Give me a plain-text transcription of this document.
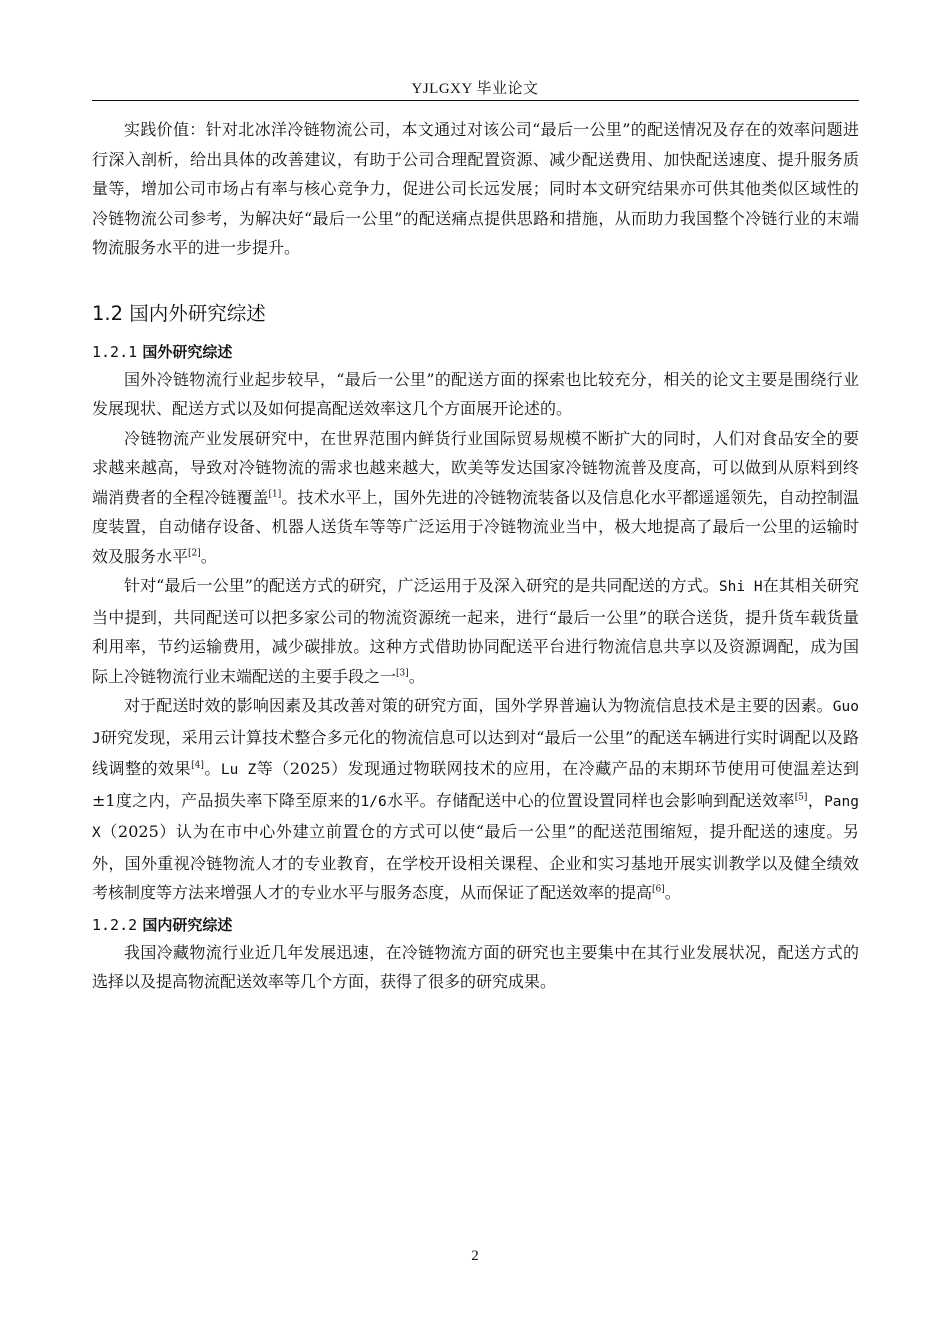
YJLGXY 毕业论文

实践价值：针对北冰洋冷链物流公司，本文通过对该公司“最后一公里”的配送情况及存在的效率问题进行深入剖析，给出具体的改善建议，有助于公司合理配置资源、减少配送费用、加快配送速度、提升服务质量等，增加公司市场占有率与核心竞争力，促进公司长远发展；同时本文研究结果亦可供其他类似区域性的冷链物流公司参考，为解决好“最后一公里”的配送痛点提供思路和措施，从而助力我国整个冷链行业的末端物流服务水平的进一步提升。

1.2 国内外研究综述
1.2.1 国外研究综述

国外冷链物流行业起步较早，“最后一公里”的配送方面的探索也比较充分，相关的论文主要是围绕行业发展现状、配送方式以及如何提高配送效率这几个方面展开论述的。

冷链物流产业发展研究中，在世界范围内鲜货行业国际贸易规模不断扩大的同时，人们对食品安全的要求越来越高，导致对冷链物流的需求也越来越大，欧美等发达国家冷链物流普及度高，可以做到从原料到终端消费者的全程冷链覆盖[1]。技术水平上，国外先进的冷链物流装备以及信息化水平都遥遥领先，自动控制温度装置，自动储存设备、机器人送货车等等广泛运用于冷链物流业当中，极大地提高了最后一公里的运输时效及服务水平[2]。

针对“最后一公里”的配送方式的研究，广泛运用于及深入研究的是共同配送的方式。Shi H在其相关研究当中提到，共同配送可以把多家公司的物流资源统一起来，进行“最后一公里”的联合送货，提升货车载货量利用率，节约运输费用，减少碳排放。这种方式借助协同配送平台进行物流信息共享以及资源调配，成为国际上冷链物流行业末端配送的主要手段之一[3]。

对于配送时效的影响因素及其改善对策的研究方面，国外学界普遍认为物流信息技术是主要的因素。Guo J研究发现，采用云计算技术整合多元化的物流信息可以达到对“最后一公里”的配送车辆进行实时调配以及路线调整的效果[4]。Lu Z等（2025）发现通过物联网技术的应用，在冷藏产品的末期环节使用可使温差达到±1度之内，产品损失率下降至原来的1/6水平。存储配送中心的位置设置同样也会影响到配送效率[5]，Pang X（2025）认为在市中心外建立前置仓的方式可以使“最后一公里”的配送范围缩短，提升配送的速度。另外，国外重视冷链物流人才的专业教育，在学校开设相关课程、企业和实习基地开展实训教学以及健全绩效考核制度等方法来增强人才的专业水平与服务态度，从而保证了配送效率的提高[6]。

1.2.2 国内研究综述

我国冷藏物流行业近几年发展迅速，在冷链物流方面的研究也主要集中在其行业发展状况，配送方式的选择以及提高物流配送效率等几个方面，获得了很多的研究成果。

2
